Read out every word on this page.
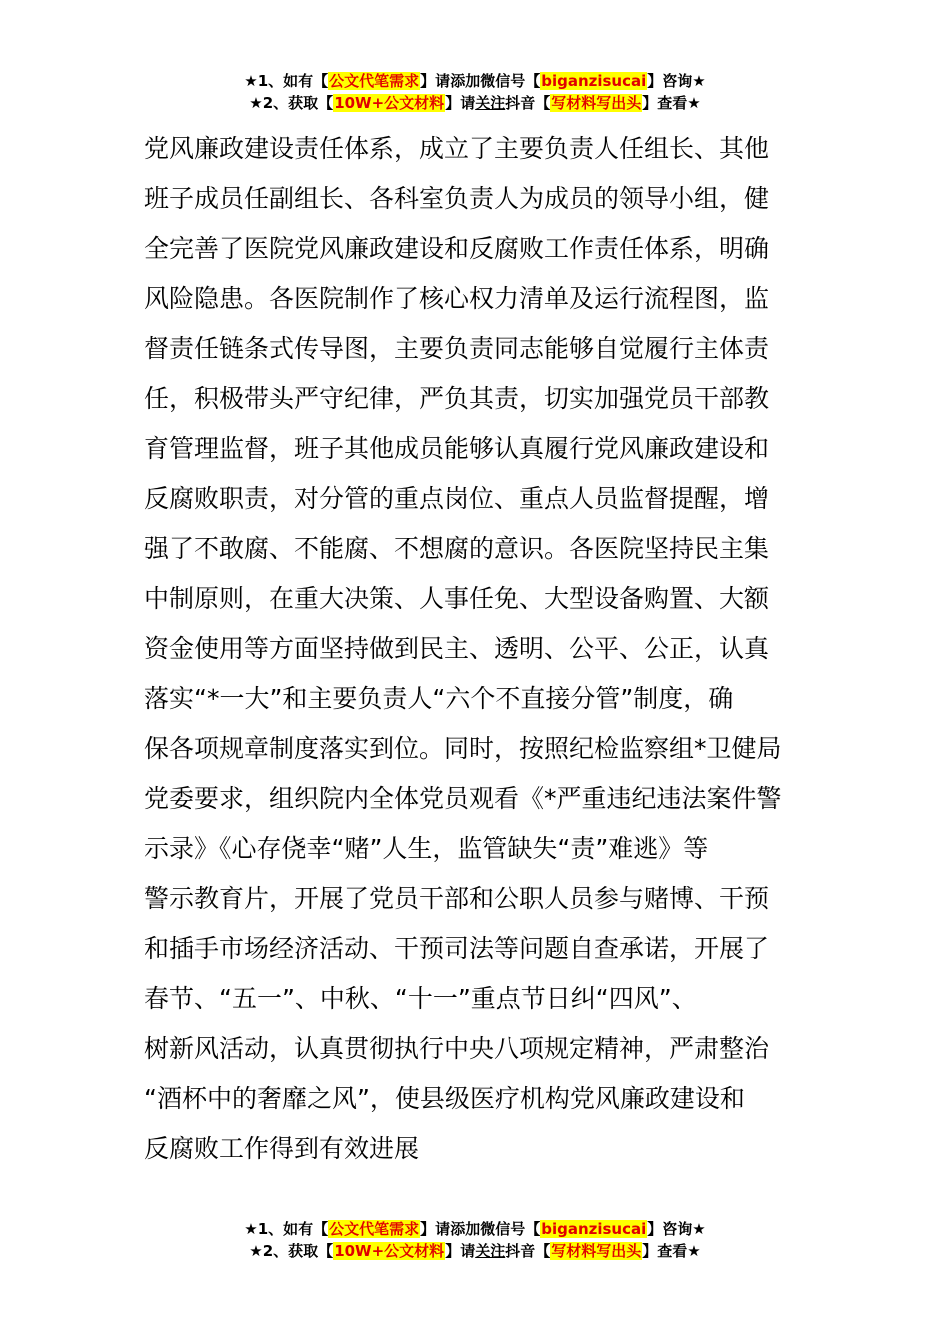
★1、如有【公文代笔需求】请添加微信号【biganzisucai】咨询★
★2、获取【10W+公文材料】请关注抖音【写材料写出头】查看★
党风廉政建设责任体系，成立了主要负责人任组长、其他
班子成员任副组长、各科室负责人为成员的领导小组，健
全完善了医院党风廉政建设和反腐败工作责任体系，明确
风险隐患。各医院制作了核心权力清单及运行流程图，监
督责任链条式传导图，主要负责同志能够自觉履行主体责
任，积极带头严守纪律，严负其责，切实加强党员干部教
育管理监督，班子其他成员能够认真履行党风廉政建设和
反腐败职责，对分管的重点岗位、重点人员监督提醒，增
强了不敢腐、不能腐、不想腐的意识。各医院坚持民主集
中制原则，在重大决策、人事任免、大型设备购置、大额
资金使用等方面坚持做到民主、透明、公平、公正，认真
落实“*一大”和主要负责人“六个不直接分管”制度，确
保各项规章制度落实到位。同时，按照纪检监察组*卫健局
党委要求，组织院内全体党员观看《*严重违纪违法案件警
示录》《心存侥幸“赌”人生，监管缺失“责”难逃》等
警示教育片，开展了党员干部和公职人员参与赌博、干预
和插手市场经济活动、干预司法等问题自查承诺，开展了
春节、“五一”、中秋、“十一”重点节日纠“四风”、
树新风活动，认真贯彻执行中央八项规定精神，严肃整治
“酒杯中的奢靡之风”，使县级医疗机构党风廉政建设和
反腐败工作得到有效进展
★1、如有【公文代笔需求】请添加微信号【biganzisucai】咨询★
★2、获取【10W+公文材料】请关注抖音【写材料写出头】查看★
